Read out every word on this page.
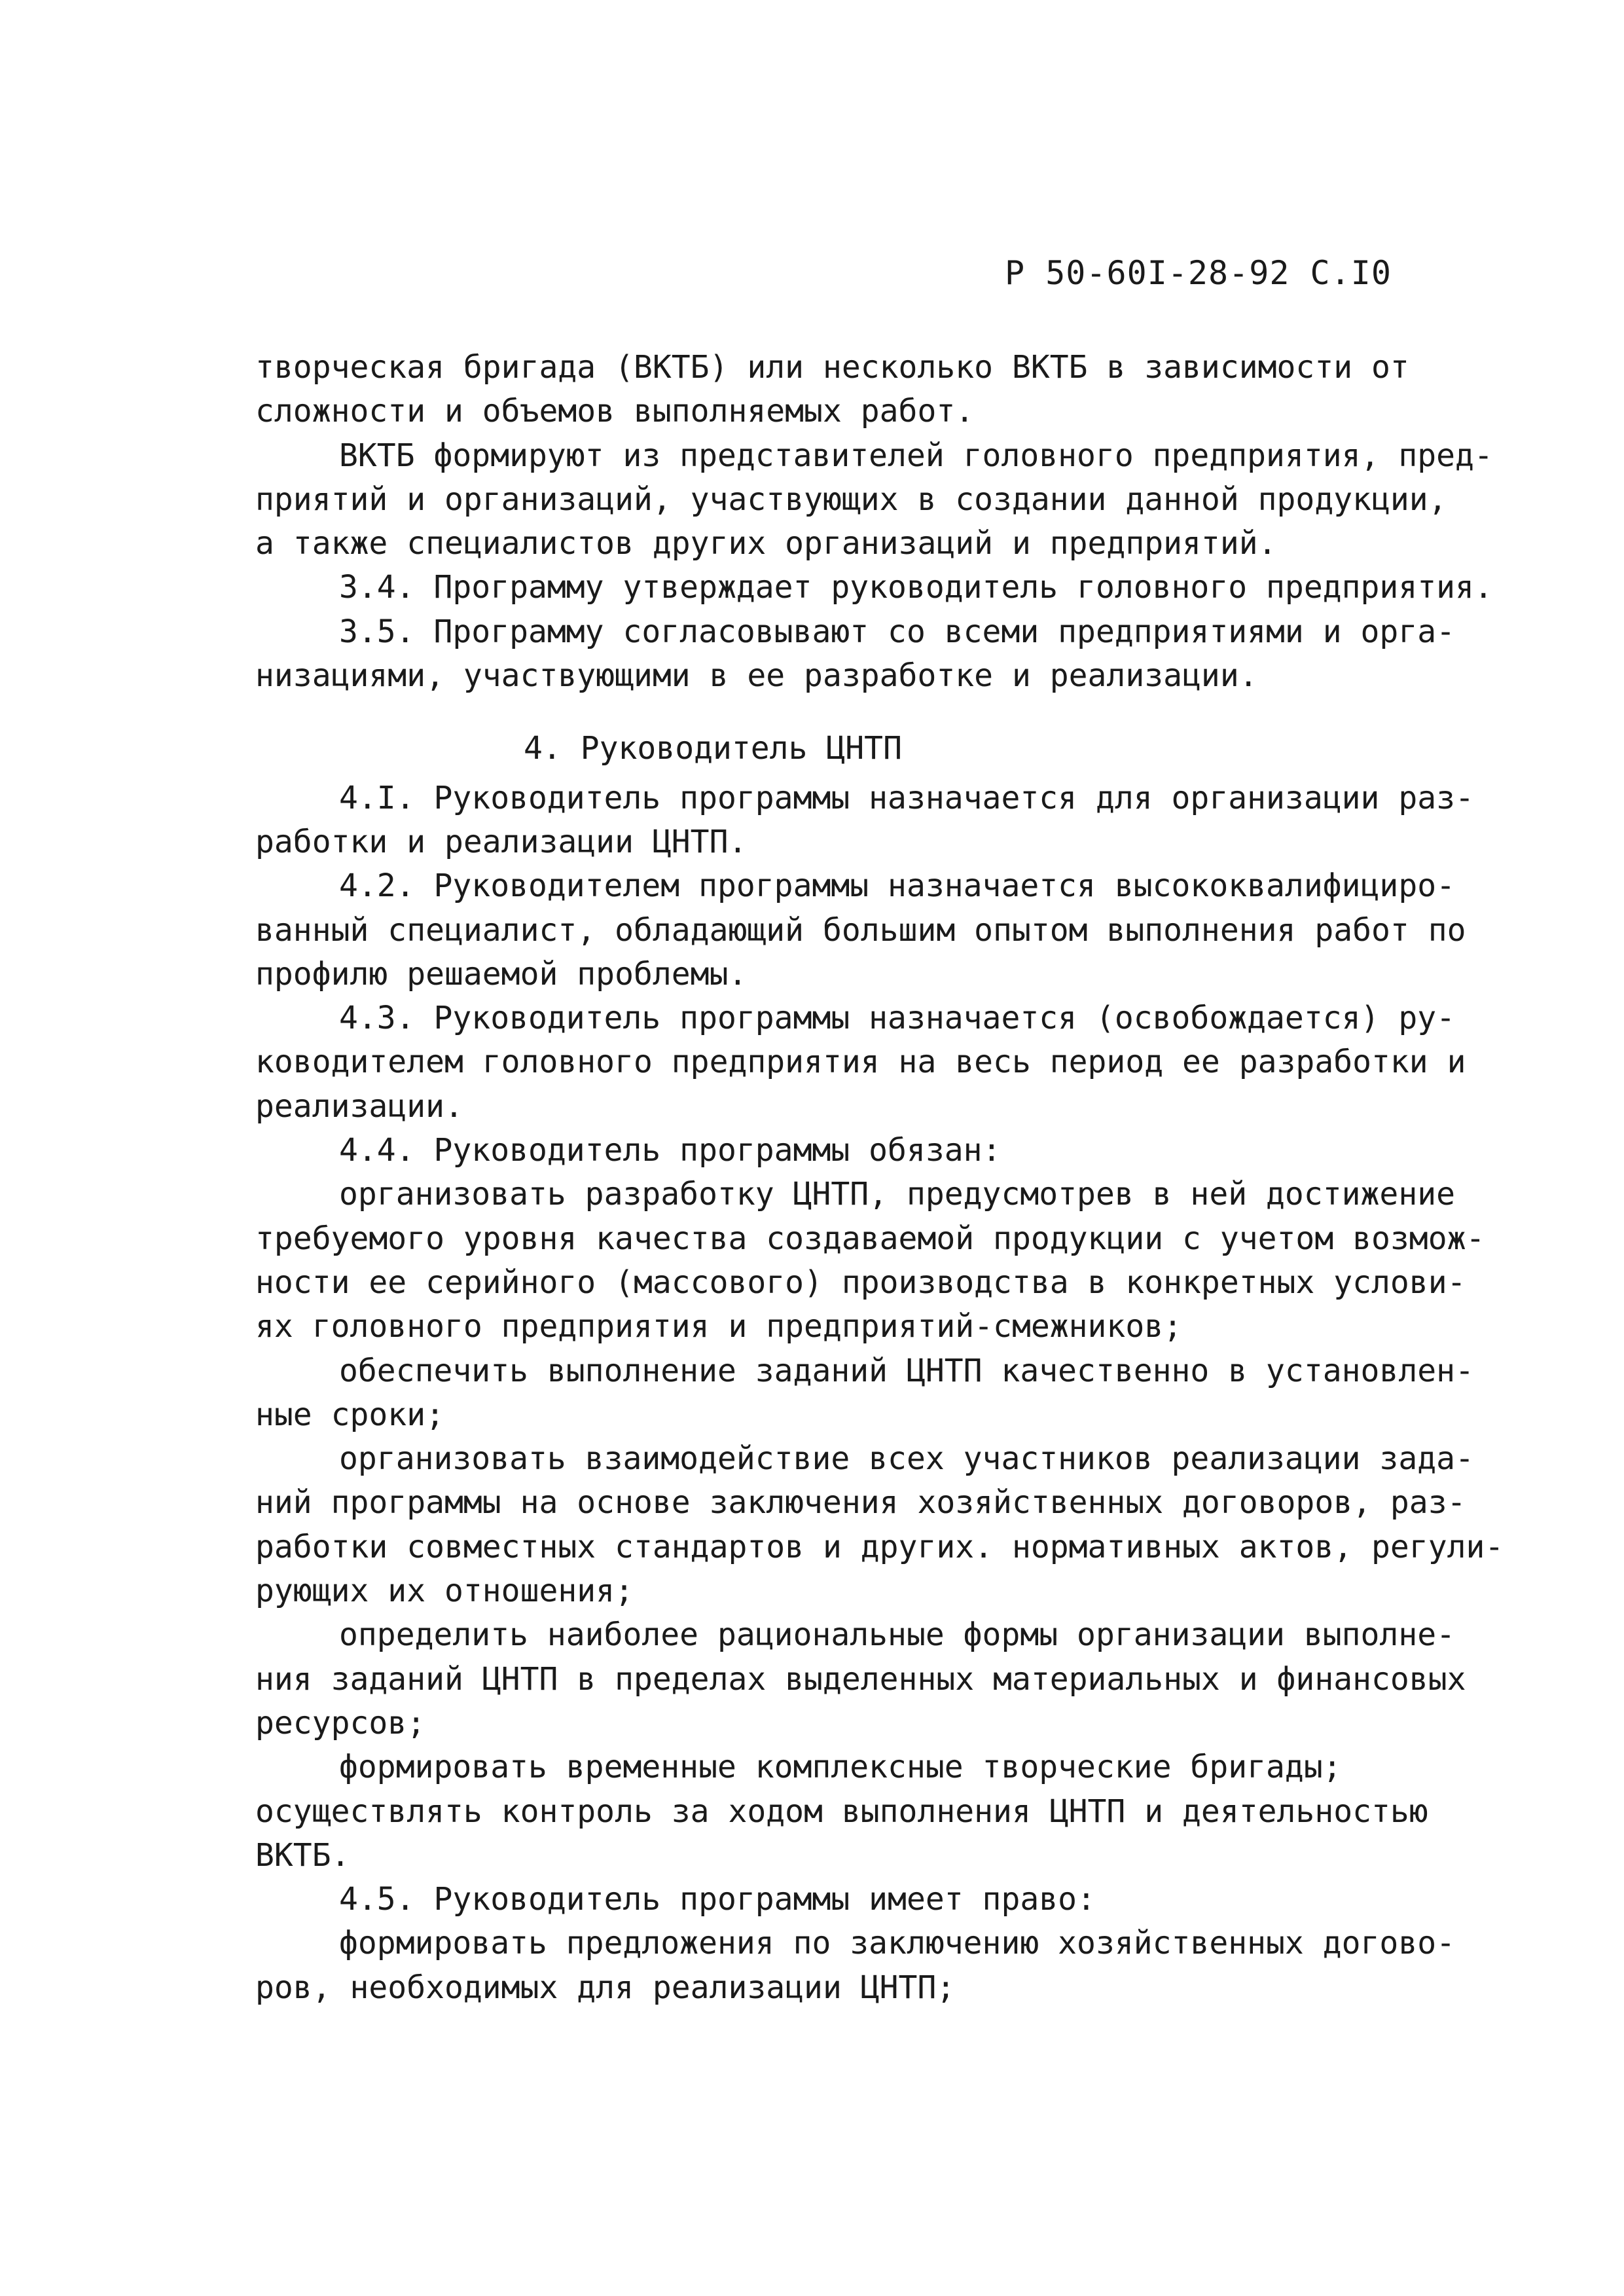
Р 50-60I-28-92 С.I0
творческая бригада (ВКТБ) или несколько ВКТБ в зависимости от
сложности и объемов выполняемых работ.
ВКТБ формируют из представителей головного предприятия, пред-
приятий и организаций, участвующих в создании данной продукции,
а также специалистов других организаций и предприятий.
3.4. Программу утверждает руководитель головного предприятия.
3.5. Программу согласовывают со всеми предприятиями и орга-
низациями, участвующими в ее разработке и реализации.
4. Руководитель ЦНТП
4.I. Руководитель программы назначается для организации раз-
работки и реализации ЦНТП.
4.2. Руководителем программы назначается высококвалифициро-
ванный специалист, обладающий большим опытом выполнения работ по
профилю решаемой проблемы.
4.3. Руководитель программы назначается (освобождается) ру-
ководителем головного предприятия на весь период ее разработки и
реализации.
4.4. Руководитель программы обязан:
организовать разработку ЦНТП, предусмотрев в ней достижение
требуемого уровня качества создаваемой продукции с учетом возмож-
ности ее серийного (массового) производства в конкретных услови-
ях головного предприятия и предприятий-смежников;
обеспечить выполнение заданий ЦНТП качественно в установлен-
ные сроки;
организовать взаимодействие всех участников реализации зада-
ний программы на основе заключения хозяйственных договоров, раз-
работки совместных стандартов и других. нормативных актов, регули-
рующих их отношения;
определить наиболее рациональные формы организации выполне-
ния заданий ЦНТП в пределах выделенных материальных и финансовых
ресурсов;
формировать временные комплексные творческие бригады;
осуществлять контроль за ходом выполнения ЦНТП и деятельностью
ВКТБ.
4.5. Руководитель программы имеет право:
формировать предложения по заключению хозяйственных догово-
ров, необходимых для реализации ЦНТП;
